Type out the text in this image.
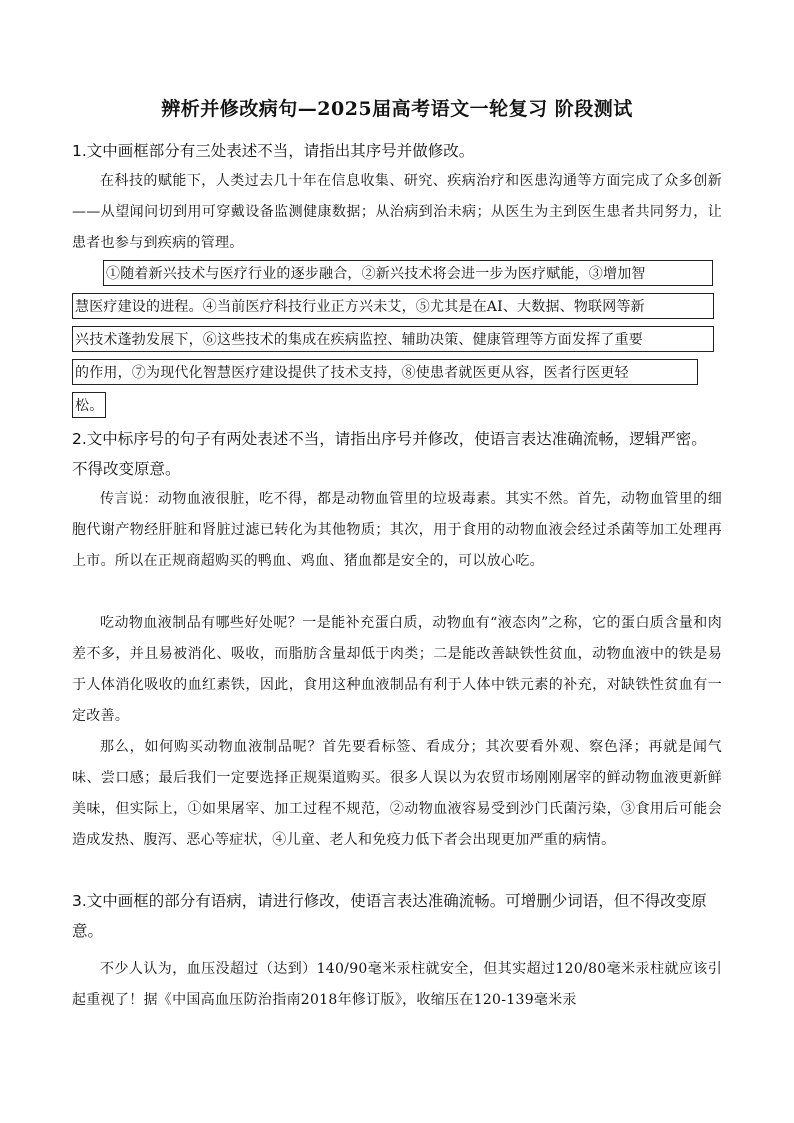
辨析并修改病句—2025届高考语文一轮复习 阶段测试
1.文中画框部分有三处表述不当，请指出其序号并做修改。
在科技的赋能下，人类过去几十年在信息收集、研究、疾病治疗和医患沟通等方面完成了众多创新——从望闻问切到用可穿戴设备监测健康数据；从治病到治未病；从医生为主到医生患者共同努力，让患者也参与到疾病的管理。
①随着新兴技术与医疗行业的逐步融合，②新兴技术将会进一步为医疗赋能，③增加智
慧医疗建设的进程。④当前医疗科技行业正方兴未艾，⑤尤其是在AI、大数据、物联网等新
兴技术蓬勃发展下，⑥这些技术的集成在疾病监控、辅助决策、健康管理等方面发挥了重要
的作用，⑦为现代化智慧医疗建设提供了技术支持，⑧使患者就医更从容，医者行医更轻
松。
2.文中标序号的句子有两处表述不当，请指出序号并修改，使语言表达准确流畅，逻辑严密。不得改变原意。
传言说：动物血液很脏，吃不得，都是动物血管里的垃圾毒素。其实不然。首先，动物血管里的细胞代谢产物经肝脏和肾脏过滤已转化为其他物质；其次，用于食用的动物血液会经过杀菌等加工处理再上市。所以在正规商超购买的鸭血、鸡血、猪血都是安全的，可以放心吃。
吃动物血液制品有哪些好处呢？一是能补充蛋白质，动物血有“液态肉”之称，它的蛋白质含量和肉差不多，并且易被消化、吸收，而脂肪含量却低于肉类；二是能改善缺铁性贫血，动物血液中的铁是易于人体消化吸收的血红素铁，因此，食用这种血液制品有利于人体中铁元素的补充，对缺铁性贫血有一定改善。
那么，如何购买动物血液制品呢？首先要看标签、看成分；其次要看外观、察色泽；再就是闻气味、尝口感；最后我们一定要选择正规渠道购买。很多人误以为农贸市场刚刚屠宰的鲜动物血液更新鲜美味，但实际上，①如果屠宰、加工过程不规范，②动物血液容易受到沙门氏菌污染，③食用后可能会造成发热、腹泻、恶心等症状，④儿童、老人和免疫力低下者会出现更加严重的病情。
3.文中画框的部分有语病，请进行修改，使语言表达准确流畅。可增删少词语，但不得改变原意。
不少人认为，血压没超过（达到）140/90毫米汞柱就安全，但其实超过120/80毫米汞柱就应该引起重视了！据《中国高血压防治指南2018年修订版》，收缩压在120-139毫米汞
